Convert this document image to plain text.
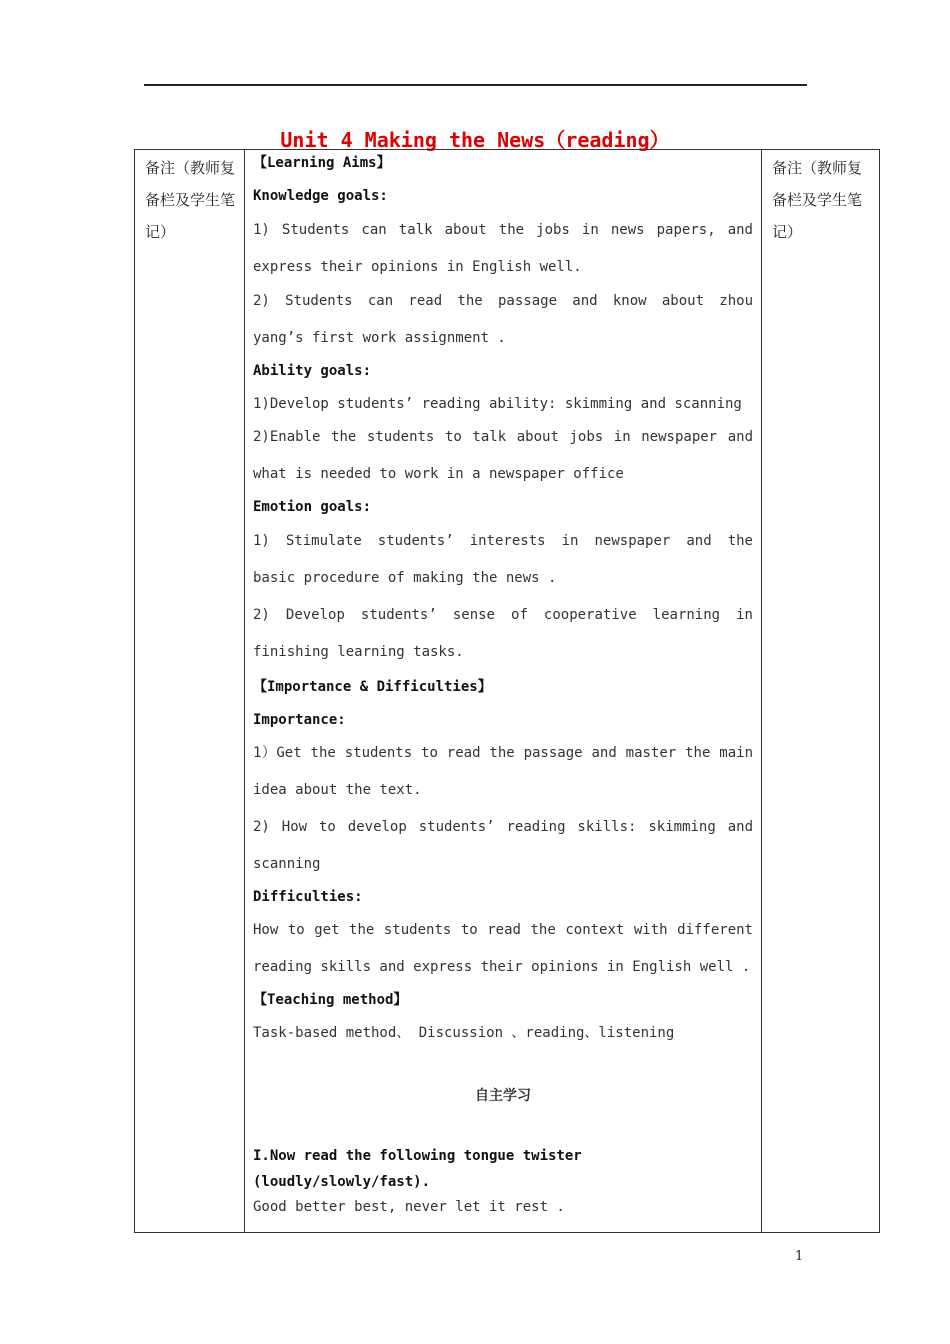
Unit 4 Making the News（reading）
备注（教师复备栏及学生笔记）	

【Learning Aims】

Knowledge goals:

1) Students can talk about the jobs in news papers, and

express their opinions in English well.

2) Students can read the passage and know about zhou

yang’s first work assignment .

Ability goals:

1)Develop students’ reading ability: skimming and scanning

2)Enable the students to talk about jobs in newspaper and

what is needed to work in a newspaper office

Emotion goals:

1) Stimulate students’ interests in newspaper and the

basic procedure of making the news .

2) Develop students’ sense of cooperative learning in

finishing learning tasks.

【Importance & Difficulties】

Importance:

1）Get the students to read the passage and master the main

idea about the text.

2) How to develop students’ reading skills: skimming and

scanning

Difficulties:

How to get the students to read the context with different

reading skills and express their opinions in English well .

【Teaching method】

Task-based method、 Discussion 、reading、listening

自主学习

I.Now read the following tongue twister

(loudly/slowly/fast).

Good better best, never let it rest .

	备注（教师复备栏及学生笔记）
1
